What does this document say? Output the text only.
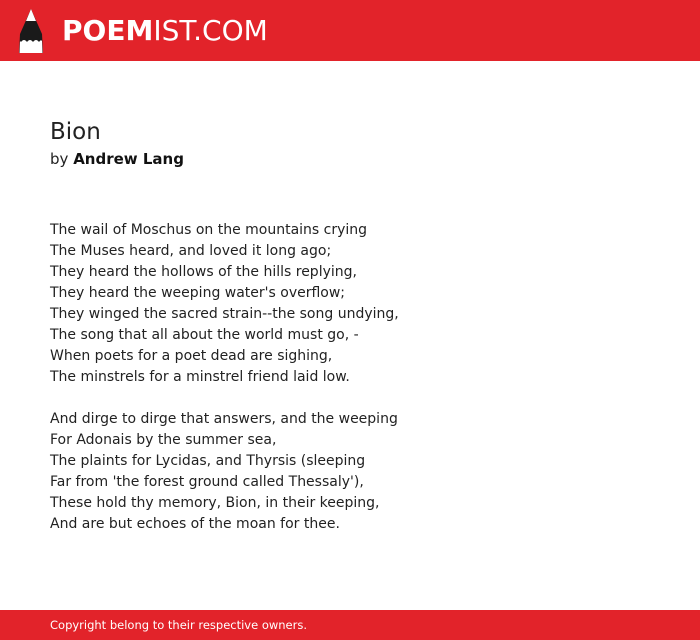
POEMIST.COM
Bion
by Andrew Lang
The wail of Moschus on the mountains crying
The Muses heard, and loved it long ago;
They heard the hollows of the hills replying,
They heard the weeping water's overflow;
They winged the sacred strain--the song undying,
The song that all about the world must go, -
When poets for a poet dead are sighing,
The minstrels for a minstrel friend laid low.
And dirge to dirge that answers, and the weeping
For Adonais by the summer sea,
The plaints for Lycidas, and Thyrsis (sleeping
Far from 'the forest ground called Thessaly'),
These hold thy memory, Bion, in their keeping,
And are but echoes of the moan for thee.
Copyright belong to their respective owners.
